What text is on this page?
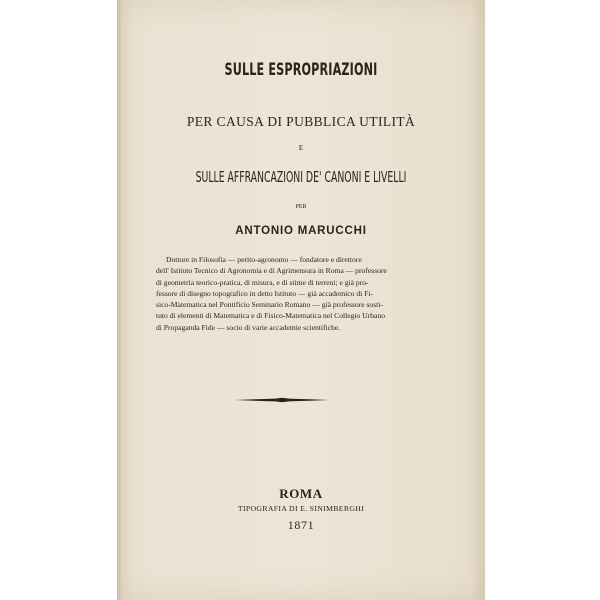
SULLE ESPROPRIAZIONI
PER CAUSA DI PUBBLICA UTILITÀ
E
SULLE AFFRANCAZIONI DE' CANONI E LIVELLI
PER
ANTONIO MARUCCHI
Dottore in Filosofia — perito-agronomo — fondatore e direttore
dell' Istituto Tecnico di Agronomia e di Agrimensura in Roma — professore
di geometria teorico-pratica, di misura, e di stime di terreni; e già pro-
fessore di disegno topografico in detto Istituto — già accademico di Fi-
sico-Matematica nel Pontificio Seminario Romano — già professore sosti-
tuto di elementi di Matematica e di Fisico-Matematica nel Collegio Urbano
di Propaganda Fide — socio di varie accademie scientifiche.
ROMA
TIPOGRAFIA DI E. SINIMBERGHI
1871
